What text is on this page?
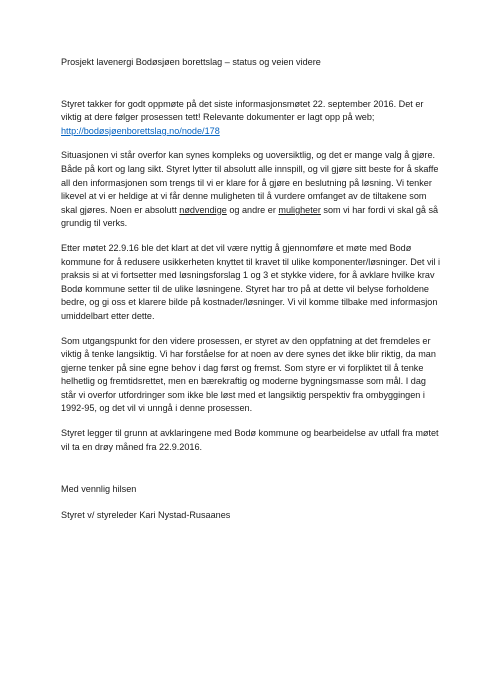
Prosjekt lavenergi Bodøsjøen borettslag – status og veien videre

Styret takker for godt oppmøte på det siste informasjonsmøtet 22. september 2016. Det er viktig at dere følger prosessen tett! Relevante dokumenter er lagt opp på web;
http://bodøsjøenborettslag.no/node/178

Situasjonen vi står overfor kan synes kompleks og uoversiktlig, og det er mange valg å gjøre. Både på kort og lang sikt. Styret lytter til absolutt alle innspill, og vil gjøre sitt beste for å skaffe all den informasjonen som trengs til vi er klare for å gjøre en beslutning på løsning. Vi tenker likevel at vi er heldige at vi får denne muligheten til å vurdere omfanget av de tiltakene som skal gjøres. Noen er absolutt nødvendige og andre er muligheter som vi har fordi vi skal gå så grundig til verks.

Etter møtet 22.9.16 ble det klart at det vil være nyttig å gjennomføre et møte med Bodø kommune for å redusere usikkerheten knyttet til kravet til ulike komponenter/løsninger. Det vil i praksis si at vi fortsetter med løsningsforslag 1 og 3 et stykke videre, for å avklare hvilke krav Bodø kommune setter til de ulike løsningene. Styret har tro på at dette vil belyse forholdene bedre, og gi oss et klarere bilde på kostnader/løsninger. Vi vil komme tilbake med informasjon umiddelbart etter dette.

Som utgangspunkt for den videre prosessen, er styret av den oppfatning at det fremdeles er viktig å tenke langsiktig. Vi har forståelse for at noen av dere synes det ikke blir riktig, da man gjerne tenker på sine egne behov i dag først og fremst. Som styre er vi forpliktet til å tenke helhetlig og fremtidsrettet, men en bærekraftig og moderne bygningsmasse som mål. I dag står vi overfor utfordringer som ikke ble løst med et langsiktig perspektiv fra ombyggingen i 1992-95, og det vil vi unngå i denne prosessen.

Styret legger til grunn at avklaringene med Bodø kommune og bearbeidelse av utfall fra møtet vil ta en drøy måned fra 22.9.2016.

Med vennlig hilsen

Styret v/ styreleder Kari Nystad-Rusaanes
